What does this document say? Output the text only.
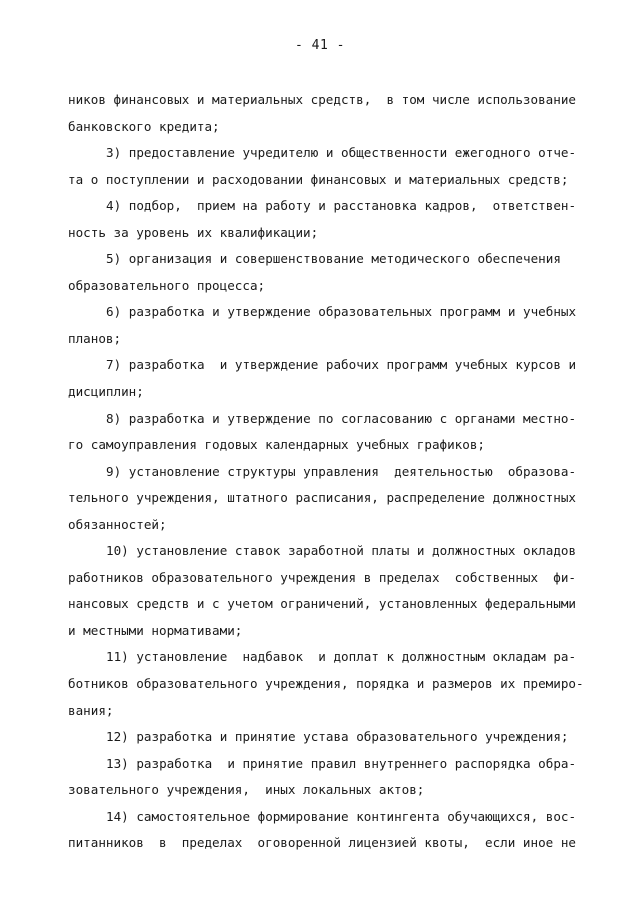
- 41 -
ников финансовых и материальных средств,  в том числе использование
банковского кредита;
3) предоставление учредителю и общественности ежегодного отче-
та о поступлении и расходовании финансовых и материальных средств;
4) подбор,  прием на работу и расстановка кадров,  ответствен-
ность за уровень их квалификации;
5) организация и совершенствование методического обеспечения
образовательного процесса;
6) разработка и утверждение образовательных программ и учебных
планов;
7) разработка  и утверждение рабочих программ учебных курсов и
дисциплин;
8) разработка и утверждение по согласованию с органами местно-
го самоуправления годовых календарных учебных графиков;
9) установление структуры управления  деятельностью  образова-
тельного учреждения, штатного расписания, распределение должностных
обязанностей;
10) установление ставок заработной платы и должностных окладов
работников образовательного учреждения в пределах  собственных  фи-
нансовых средств и с учетом ограничений, установленных федеральными
и местными нормативами;
11) установление  надбавок  и доплат к должностным окладам ра-
ботников образовательного учреждения, порядка и размеров их премиро-
вания;
12) разработка и принятие устава образовательного учреждения;
13) разработка  и принятие правил внутреннего распорядка обра-
зовательного учреждения,  иных локальных актов;
14) самостоятельное формирование контингента обучающихся, вос-
питанников  в  пределах  оговоренной лицензией квоты,  если иное не
